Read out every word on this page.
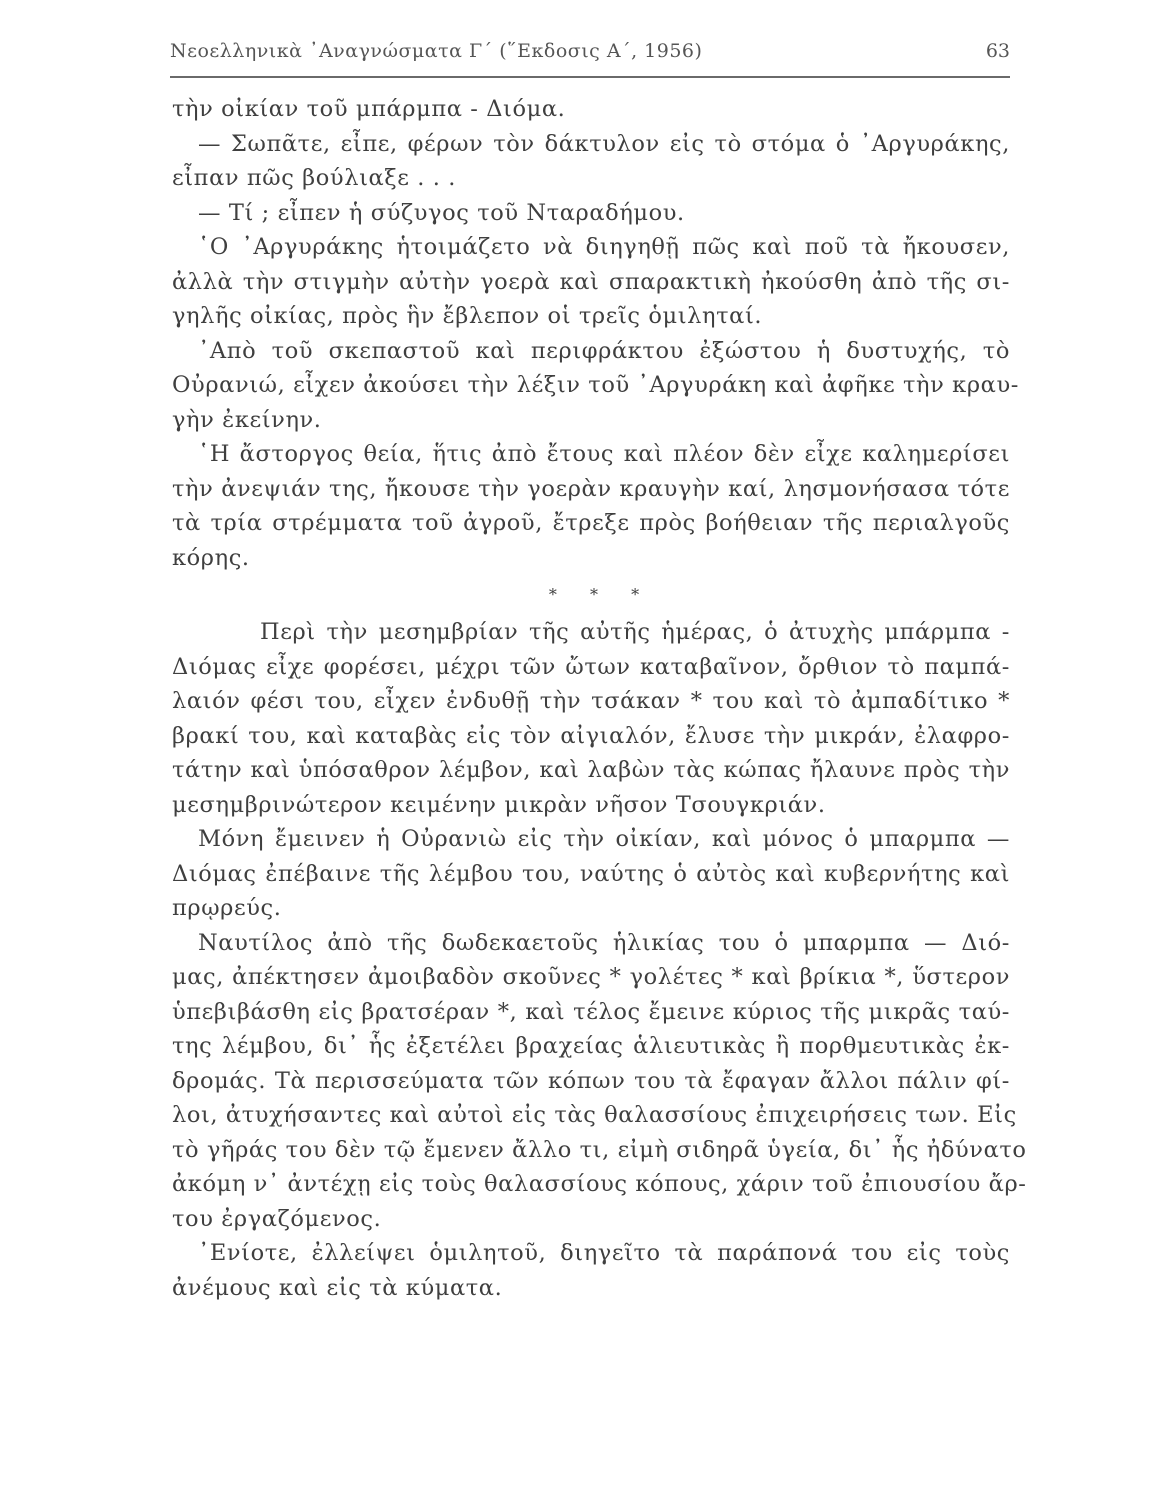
Νεοελληνικὰ ᾿Αναγνώσματα Γ´ (῞Εκδοσις Α´, 1956)	63
τὴν οἰκίαν τοῦ μπάρμπα - Διόμα.
— Σωπᾶτε, εἶπε, φέρων τὸν δάκτυλον εἰς τὸ στόμα ὁ ᾿Αργυράκης,
εἶπαν πῶς βούλιαξε . . .
— Τί ; εἶπεν ἡ σύζυγος τοῦ Νταραδήμου.
῾Ο ᾿Αργυράκης ἡτοιμάζετο νὰ διηγηθῇ πῶς καὶ ποῦ τὰ ἤκουσεν,
ἀλλὰ τὴν στιγμὴν αὐτὴν γοερὰ καὶ σπαρακτικὴ ἠκούσθη ἀπὸ τῆς σι-
γηλῆς οἰκίας, πρὸς ἣν ἔβλεπον οἱ τρεῖς ὁμιληταί.
᾿Απὸ τοῦ σκεπαστοῦ καὶ περιφράκτου ἐξώστου ἡ δυστυχής, τὸ
Οὐρανιώ, εἶχεν ἀκούσει τὴν λέξιν τοῦ ᾿Αργυράκη καὶ ἀφῆκε τὴν κραυ-
γὴν ἐκείνην.
῾Η ἄστοργος θεία, ἥτις ἀπὸ ἔτους καὶ πλέον δὲν εἶχε καλημερίσει
τὴν ἀνεψιάν της, ἤκουσε τὴν γοερὰν κραυγὴν καί, λησμονήσασα τότε
τὰ τρία στρέμματα τοῦ ἀγροῦ, ἔτρεξε πρὸς βοήθειαν τῆς περιαλγοῦς
κόρης.
* * *
Περὶ τὴν μεσημβρίαν τῆς αὐτῆς ἡμέρας, ὁ ἀτυχὴς μπάρμπα -
Διόμας εἶχε φορέσει, μέχρι τῶν ὤτων καταβαῖνον, ὄρθιον τὸ παμπά-
λαιόν φέσι του, εἶχεν ἐνδυθῇ τὴν τσάκαν * του καὶ τὸ ἀμπαδίτικο *
βρακί του, καὶ καταβὰς εἰς τὸν αἰγιαλόν, ἔλυσε τὴν μικράν, ἐλαφρο-
τάτην καὶ ὑπόσαθρον λέμβον, καὶ λαβὼν τὰς κώπας ἤλαυνε πρὸς τὴν
μεσημβρινώτερον κειμένην μικρὰν νῆσον Τσουγκριάν.
Μόνη ἔμεινεν ἡ Οὐρανιὼ εἰς τὴν οἰκίαν, καὶ μόνος ὁ μπαρμπα —
Διόμας ἐπέβαινε τῆς λέμβου του, ναύτης ὁ αὐτὸς καὶ κυβερνήτης καὶ
πρῳρεύς.
Ναυτίλος ἀπὸ τῆς δωδεκαετοῦς ἡλικίας του ὁ μπαρμπα — Διό-
μας, ἀπέκτησεν ἀμοιβαδὸν σκοῦνες * γολέτες * καὶ βρίκια *, ὕστερον
ὑπεβιβάσθη εἰς βρατσέραν *, καὶ τέλος ἔμεινε κύριος τῆς μικρᾶς ταύ-
της λέμβου, δι᾿ ἧς ἐξετέλει βραχείας ἁλιευτικὰς ἢ πορθμευτικὰς ἐκ-
δρομάς. Τὰ περισσεύματα τῶν κόπων του τὰ ἔφαγαν ἄλλοι πάλιν φί-
λοι, ἀτυχήσαντες καὶ αὐτοὶ εἰς τὰς θαλασσίους ἐπιχειρήσεις των. Εἰς
τὸ γῆράς του δὲν τῷ ἔμενεν ἄλλο τι, εἰμὴ σιδηρᾶ ὑγεία, δι᾿ ἧς ἠδύνατο
ἀκόμη ν᾿ ἀντέχῃ εἰς τοὺς θαλασσίους κόπους, χάριν τοῦ ἐπιουσίου ἄρ-
του ἐργαζόμενος.
᾿Ενίοτε, ἐλλείψει ὁμιλητοῦ, διηγεῖτο τὰ παράπονά του εἰς τοὺς
ἀνέμους καὶ εἰς τὰ κύματα.
